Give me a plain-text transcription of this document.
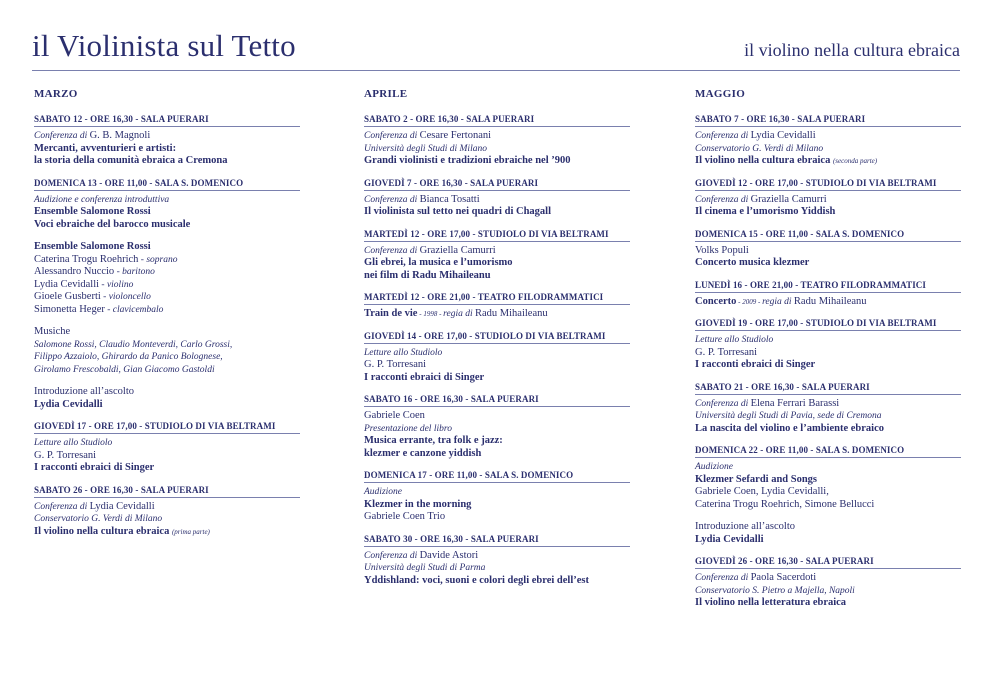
il Violinista sul Tetto	il violino nella cultura ebraica
MARZO
SABATO 12 - ORE 16,30 - SALA PUERARI
Conferenza di G. B. Magnoli
Mercanti, avventurieri e artisti:
la storia della comunità ebraica a Cremona
DOMENICA 13 - ORE 11,00 - SALA S. DOMENICO
Audizione e conferenza introduttiva
Ensemble Salomone Rossi
Voci ebraiche del barocco musicale
Ensemble Salomone Rossi
Caterina Trogu Roehrich - soprano
Alessandro Nuccio - baritono
Lydia Cevidalli - violino
Gioele Gusberti - violoncello
Simonetta Heger - clavicembalo
Musiche
Salomone Rossi, Claudio Monteverdi, Carlo Grossi,
Filippo Azzaiolo, Ghirardo da Panico Bolognese,
Girolamo Frescobaldi, Gian Giacomo Gastoldi
Introduzione all’ascolto
Lydia Cevidalli
GIOVEDÌ 17 - ORE 17,00 - STUDIOLO DI VIA BELTRAMI
Letture allo Studiolo
G. P. Torresani
I racconti ebraici di Singer
SABATO 26 - ORE 16,30 - SALA PUERARI
Conferenza di Lydia Cevidalli
Conservatorio G. Verdi di Milano
Il violino nella cultura ebraica (prima parte)
APRILE
SABATO 2 - ORE 16,30 - SALA PUERARI
Conferenza di Cesare Fertonani
Università degli Studi di Milano
Grandi violinisti e tradizioni ebraiche nel ’900
GIOVEDÌ 7 - ORE 16,30 - SALA PUERARI
Conferenza di Bianca Tosatti
Il violinista sul tetto nei quadri di Chagall
MARTEDÌ 12 - ORE 17,00 - STUDIOLO DI VIA BELTRAMI
Conferenza di Graziella Camurri
Gli ebrei, la musica e l’umorismo
nei film di Radu Mihaileanu
MARTEDÌ 12 - ORE 21,00 - TEATRO FILODRAMMATICI
Train de vie - 1998 - regia di Radu Mihaileanu
GIOVEDÌ 14 - ORE 17,00 - STUDIOLO DI VIA BELTRAMI
Letture allo Studiolo
G. P. Torresani
I racconti ebraici di Singer
SABATO 16 - ORE 16,30 - SALA PUERARI
Gabriele Coen
Presentazione del libro
Musica errante, tra folk e jazz:
klezmer e canzone yiddish
DOMENICA 17 - ORE 11,00 - SALA S. DOMENICO
Audizione
Klezmer in the morning
Gabriele Coen Trio
SABATO 30 - ORE 16,30 - SALA PUERARI
Conferenza di Davide Astori
Università degli Studi di Parma
Yddishland: voci, suoni e colori degli ebrei dell’est
MAGGIO
SABATO 7 - ORE 16,30 - SALA PUERARI
Conferenza di Lydia Cevidalli
Conservatorio G. Verdi di Milano
Il violino nella cultura ebraica (seconda parte)
GIOVEDÌ 12 - ORE 17,00 - STUDIOLO DI VIA BELTRAMI
Conferenza di Graziella Camurri
Il cinema e l’umorismo Yiddish
DOMENICA 15 - ORE 11,00 - SALA S. DOMENICO
Volks Populi
Concerto musica klezmer
LUNEDÌ 16 - ORE 21,00 - TEATRO FILODRAMMATICI
Concerto - 2009 - regia di Radu Mihaileanu
GIOVEDÌ 19 - ORE 17,00 - STUDIOLO DI VIA BELTRAMI
Letture allo Studiolo
G. P. Torresani
I racconti ebraici di Singer
SABATO 21 - ORE 16,30 - SALA PUERARI
Conferenza di Elena Ferrari Barassi
Università degli Studi di Pavia, sede di Cremona
La nascita del violino e l’ambiente ebraico
DOMENICA 22 - ORE 11,00 - SALA S. DOMENICO
Audizione
Klezmer Sefardi and Songs
Gabriele Coen, Lydia Cevidalli,
Caterina Trogu Roehrich, Simone Bellucci
Introduzione all’ascolto
Lydia Cevidalli
GIOVEDÌ 26 - ORE 16,30 - SALA PUERARI
Conferenza di Paola Sacerdoti
Conservatorio S. Pietro a Majella, Napoli
Il violino nella letteratura ebraica
